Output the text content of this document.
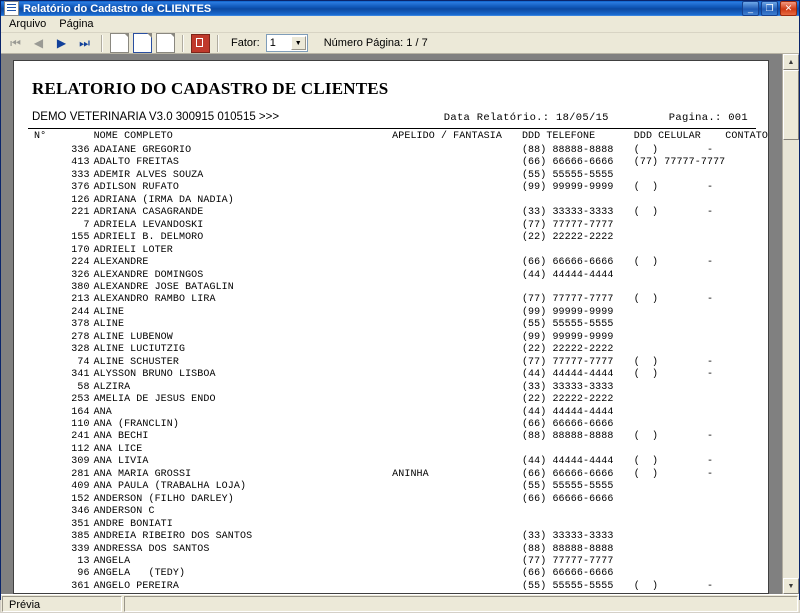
Relatório do Cadastro de CLIENTES	_	❐	✕
Arquivo	Página
⏮	◀	▶	⏭	Fator: 1	▼	Número Página: 1 / 7
RELATORIO DO CADASTRO DE CLIENTES
DEMO VETERINARIA V3.0 300915 010515 >>>	Data Relatório.: 18/05/15	Pagina.: 001
N°	NOME COMPLETO	APELIDO / FANTASIA	DDD TELEFONE	DDD CELULAR	CONTATO
336	ADAIANE GREGORIO		(88) 88888-8888	(  )        -	
413	ADALTO FREITAS		(66) 66666-6666	(77) 77777-7777	
333	ADEMIR ALVES SOUZA		(55) 55555-5555		
376	ADILSON RUFATO		(99) 99999-9999	(  )        -	
126	ADRIANA (IRMA DA NADIA)				
221	ADRIANA CASAGRANDE		(33) 33333-3333	(  )        -	
7	ADRIELA LEVANDOSKI		(77) 77777-7777		
155	ADRIELI B. DELMORO		(22) 22222-2222		
170	ADRIELI LOTER				
224	ALEXANDRE		(66) 66666-6666	(  )        -	
326	ALEXANDRE DOMINGOS		(44) 44444-4444		
380	ALEXANDRE JOSE BATAGLIN				
213	ALEXANDRO RAMBO LIRA		(77) 77777-7777	(  )        -	
244	ALINE		(99) 99999-9999		
378	ALINE		(55) 55555-5555		
278	ALINE LUBENOW		(99) 99999-9999		
328	ALINE LUCIUTZIG		(22) 22222-2222		
74	ALINE SCHUSTER		(77) 77777-7777	(  )        -	
341	ALYSSON BRUNO LISBOA		(44) 44444-4444	(  )        -	
58	ALZIRA		(33) 33333-3333		
253	AMELIA DE JESUS ENDO		(22) 22222-2222		
164	ANA		(44) 44444-4444		
110	ANA (FRANCLIN)		(66) 66666-6666		
241	ANA BECHI		(88) 88888-8888	(  )        -	
112	ANA LICE				
309	ANA LIVIA		(44) 44444-4444	(  )        -	
281	ANA MARIA GROSSI	ANINHA	(66) 66666-6666	(  )        -	
409	ANA PAULA (TRABALHA LOJA)		(55) 55555-5555		
152	ANDERSON (FILHO DARLEY)		(66) 66666-6666		
346	ANDERSON C				
351	ANDRE BONIATI				
385	ANDREIA RIBEIRO DOS SANTOS		(33) 33333-3333		
339	ANDRESSA DOS SANTOS		(88) 88888-8888		
13	ANGELA		(77) 77777-7777		
96	ANGELA   (TEDY)		(66) 66666-6666		
361	ANGELO PEREIRA		(55) 55555-5555	(  )        -	
▲
▼
Prévia
